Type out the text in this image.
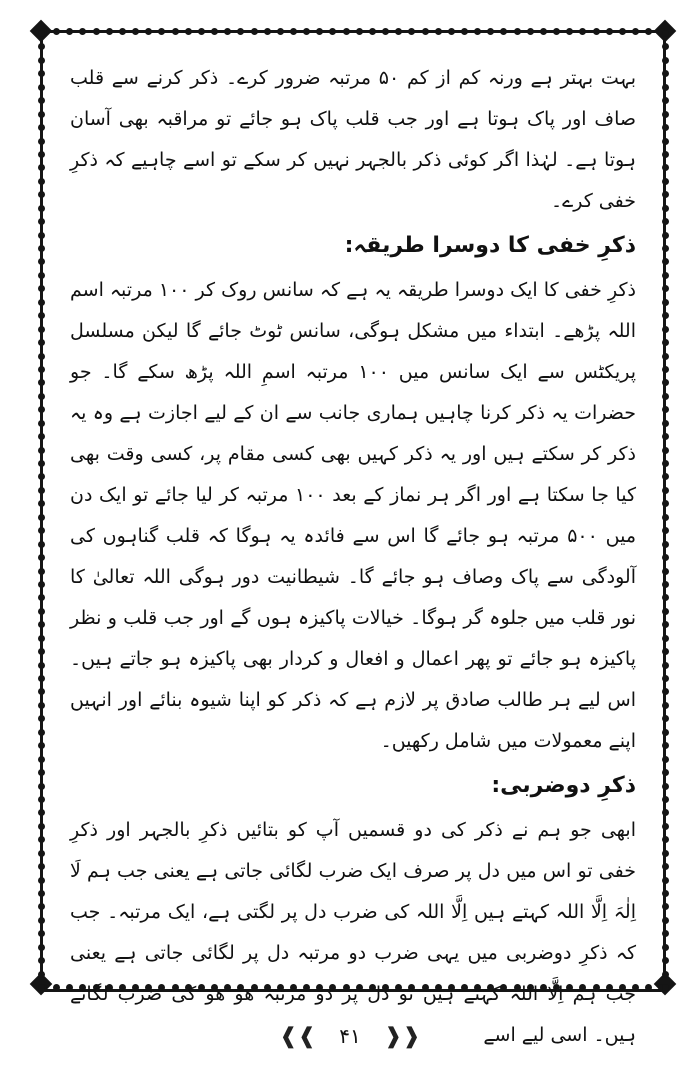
بہت بہتر ہے ورنہ کم از کم ۵۰ مرتبہ ضرور کرے۔ ذکر کرنے سے قلب صاف اور پاک ہوتا ہے اور جب قلب پاک ہو جائے تو مراقبہ بھی آسان ہوتا ہے۔ لہٰذا اگر کوئی ذکر بالجہر نہیں کر سکے تو اسے چاہیے کہ ذکرِ خفی کرے۔

ذکرِ خفی کا دوسرا طریقہ:

ذکرِ خفی کا ایک دوسرا طریقہ یہ ہے کہ سانس روک کر ۱۰۰ مرتبہ اسم اللہ پڑھے۔ ابتداء میں مشکل ہوگی، سانس ٹوٹ جائے گا لیکن مسلسل پریکٹس سے ایک سانس میں ۱۰۰ مرتبہ اسمِ اللہ پڑھ سکے گا۔ جو حضرات یہ ذکر کرنا چاہیں ہماری جانب سے ان کے لیے اجازت ہے وہ یہ ذکر کر سکتے ہیں اور یہ ذکر کہیں بھی کسی مقام پر، کسی وقت بھی کیا جا سکتا ہے اور اگر ہر نماز کے بعد ۱۰۰ مرتبہ کر لیا جائے تو ایک دن میں ۵۰۰ مرتبہ ہو جائے گا اس سے فائدہ یہ ہوگا کہ قلب گناہوں کی آلودگی سے پاک وصاف ہو جائے گا۔ شیطانیت دور ہوگی اللہ تعالیٰ کا نور قلب میں جلوہ گر ہوگا۔ خیالات پاکیزہ ہوں گے اور جب قلب و نظر پاکیزہ ہو جائے تو پھر اعمال و افعال و کردار بھی پاکیزہ ہو جاتے ہیں۔ اس لیے ہر طالب صادق پر لازم ہے کہ ذکر کو اپنا شیوہ بنائے اور انہیں اپنے معمولات میں شامل رکھیں۔

ذکرِ دوضربی:

ابھی جو ہم نے ذکر کی دو قسمیں آپ کو بتائیں ذکرِ بالجہر اور ذکرِ خفی تو اس میں دل پر صرف ایک ضرب لگائی جاتی ہے یعنی جب ہم لَا اِلٰہَ اِلَّا اللہ کہتے ہیں اِلَّا اللہ کی ضرب دل پر لگتی ہے، ایک مرتبہ۔ جب کہ ذکرِ دوضربی میں یہی ضرب دو مرتبہ دل پر لگائی جاتی ہے یعنی جب ہم اِلَّا اللہ کہتے ہیں تو دل پر دو مرتبہ ھو ھو کی ضرب لگاتے ہیں۔ اسی لیے اسے

❰❰ ۴۱ ❱❱
